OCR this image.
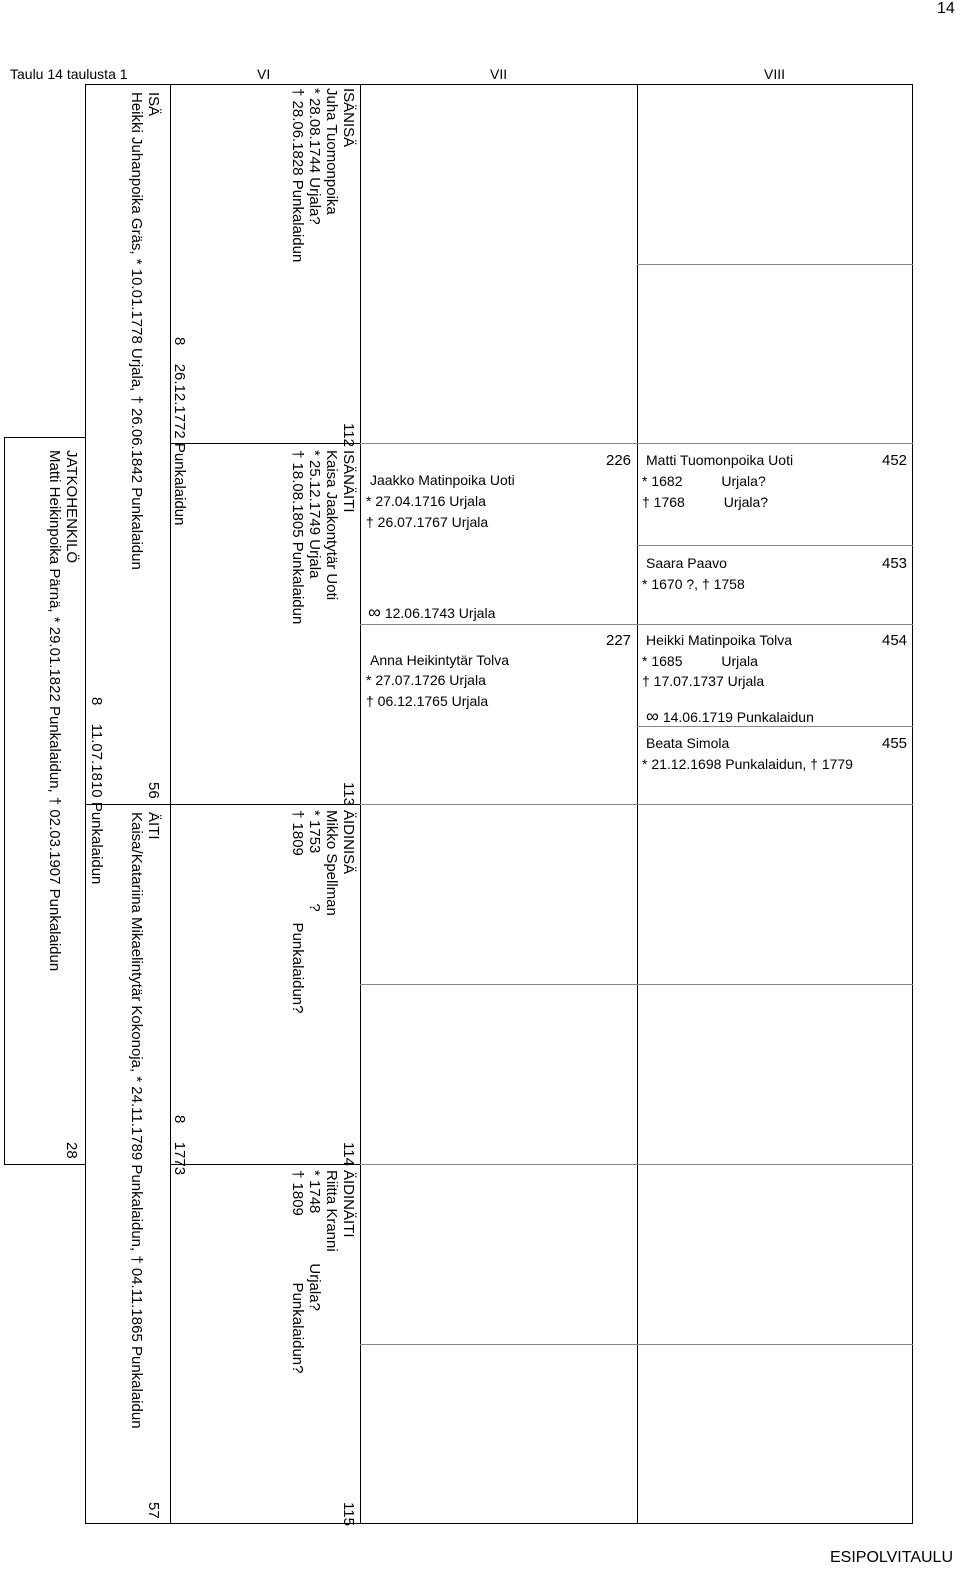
14
Taulu 14 taulusta 1	VI	VII	VIII
ESIPOLVITAULU
JATKOHENKILÖ
Matti Heikinpoika Pärnä, * 29.01.1822 Punkalaidun, † 02.03.1907 Punkalaidun
28
8  11.07.1810 Punkalaidun
ISÄ
Heikki Juhanpoika Gräs, * 10.01.1778 Urjala, † 26.06.1842 Punkalaidun
56
8  26.12.1772 Punkalaidun
ÄITI
Kaisa/Katariina Mikaelintytär Kokonoja, * 24.11.1789 Punkalaidun, † 04.11.1865 Punkalaidun
57
8  1773
ISÄNISÄ
Juha Tuomonpoika
* 28.08.1744 Urjala?
† 28.06.1828 Punkalaidun
112
ISÄNÄITI
Kaisa Jaakontytär Uoti
* 25.12.1749 Urjala
† 18.08.1805 Punkalaidun
113
ÄIDINISÄ
Mikko Spellman
* 1753            ?
† 1809                Punkalaidun?
114
ÄIDINÄITI
Riitta Kranni
* 1748            Urjala?
† 1809                Punkalaidun?
115
Jaakko Matinpoika Uoti
* 27.04.1716 Urjala
† 26.07.1767 Urjala
226
∞ 12.06.1743 Urjala
227
Anna Heikintytär Tolva
* 27.07.1726 Urjala
† 06.12.1765 Urjala
Matti Tuomonpoika Uoti
* 1682          Urjala?
† 1768          Urjala?
452
Saara Paavo
* 1670 ?, † 1758
453
Heikki Matinpoika Tolva
* 1685          Urjala
† 17.07.1737 Urjala
454
∞ 14.06.1719 Punkalaidun
Beata Simola
* 21.12.1698 Punkalaidun, † 1779
455
